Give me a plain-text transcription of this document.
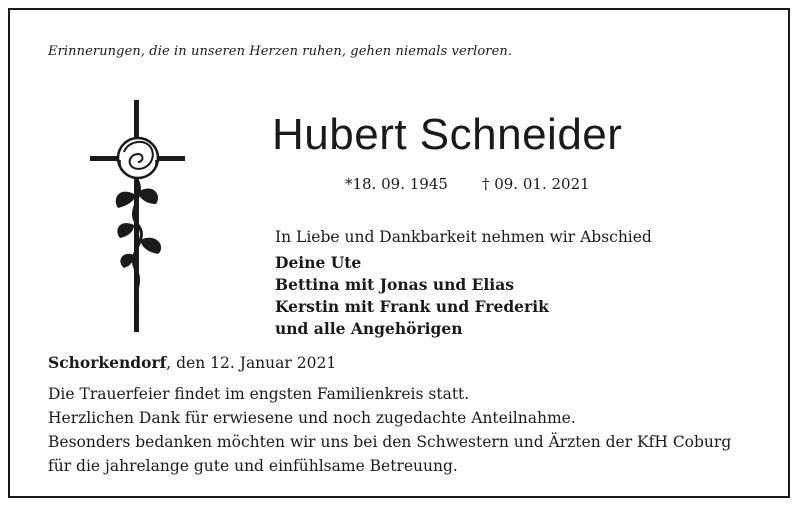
Erinnerungen, die in unseren Herzen ruhen, gehen niemals verloren.
Hubert Schneider
*18. 09. 1945 † 09. 01. 2021
In Liebe und Dankbarkeit nehmen wir Abschied
Deine Ute
Bettina mit Jonas und Elias
Kerstin mit Frank und Frederik
und alle Angehörigen
Schorkendorf, den 12. Januar 2021
Die Trauerfeier findet im engsten Familienkreis statt.
Herzlichen Dank für erwiesene und noch zugedachte Anteilnahme.
Besonders bedanken möchten wir uns bei den Schwestern und Ärzten der KfH Coburg
für die jahrelange gute und einfühlsame Betreuung.
